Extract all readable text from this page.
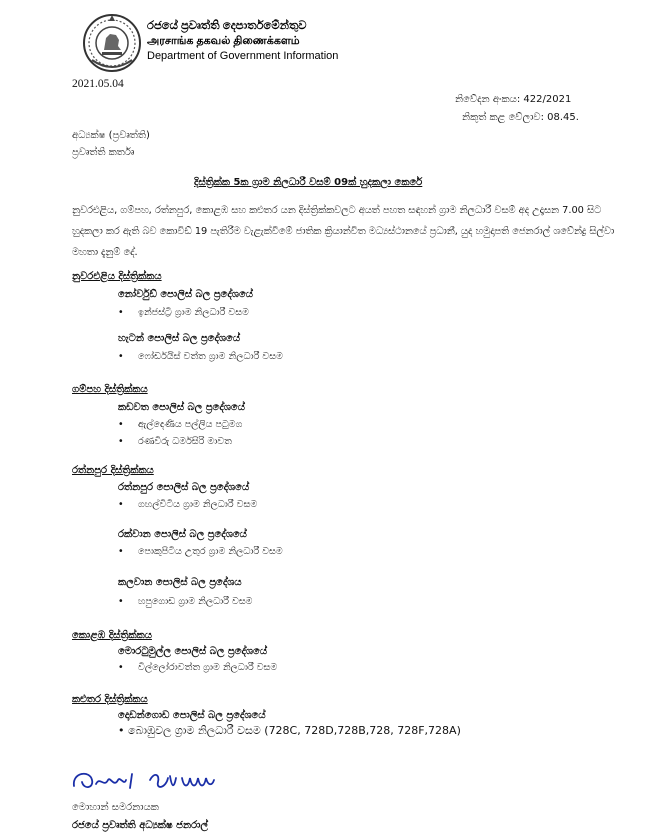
රජයේ ප්‍රවෘත්ති දෙපාර්තමේන්තුව
அரசாங்க தகவல் திணைக்களம்
Department of Government Information
2021.05.04
නිවේදන අංකය: 422/2021
නිකුත් කළ වේලාව: 08.45.
අධ්‍යක්ෂ (ප්‍රවෘත්ති)
ප්‍රවෘත්ති කර්තෘ
දිස්ත්‍රික්ක 5ක ග්‍රාම නිලධාරී වසම් 09ක් හුදකලා කෙරේ
නුවරඑළිය, ගම්පහ, රත්නපුර, කොළඹ සහ කළුතර යන දිස්ත්‍රික්කවලට අයත් පහත සඳහන් ග්‍රාම නිලධාරී වසම් අද උදෑසන 7.00 සිට හුදකලා කර ඇති බව කොවිඩ් 19 පැතිරීම වැළැක්වීමේ ජාතික ක්‍රියාන්විත මධ්‍යස්ථානයේ ප්‍රධානී, යුද හමුදාපති ජෙනරාල් ශවේන්ද්‍ර සිල්වා මහතා දැනුම් දේ.
නුවරඑළිය දිස්ත්‍රික්කය
නෝර්වුඩ් පොලිස් බල ප්‍රදේශයේ
• ඉන්ජස්ට්‍රි ග්‍රාම නිලධාරී වසම
හැටන් පොලිස් බල ප්‍රදේශයේ
• ෆෝර්ඩයිස් වත්ත ග්‍රාම නිලධාරී වසම
ගම්පහ දිස්ත්‍රික්කය
කඩවත පොලිස් බල ප්‍රදේශයේ
• ඇල්දෙණිය පල්ලිය පටුමග
• රණවිරු ධර්මසිරි මාවත
රත්නපුර දිස්ත්‍රික්කය
රත්නපුර පොලිස් බල ප්‍රදේශයේ
• ගහල්විටිය ග්‍රාම නිලධාරී වසම
රක්වාන පොලිස් බල ප්‍රදේශයේ
• පොකුපිටිය උතුර ග්‍රාම නිලධාරී වසම
කලවාන පොලිස් බල ප්‍රදේශය
• හපුගොඩ ග්‍රාම නිලධාරී වසම
කොළඹ දිස්ත්‍රික්කය
මොරටුමුල්ල පොලිස් බල ප්‍රදේශයේ
• විල්ලෝරාවත්ත ග්‍රාම නිලධාරී වසම
කළුතර දිස්ත්‍රික්කය
දොඩන්ගොඩ පොලිස් බල ප්‍රදේශයේ
• බොඹුවල ග්‍රාම නිලධාරී වසම (728C, 728D,728B,728, 728F,728A)
මොහාන් සමරනායක
රජයේ ප්‍රවෘත්ති අධ්‍යක්ෂ ජනරාල්
